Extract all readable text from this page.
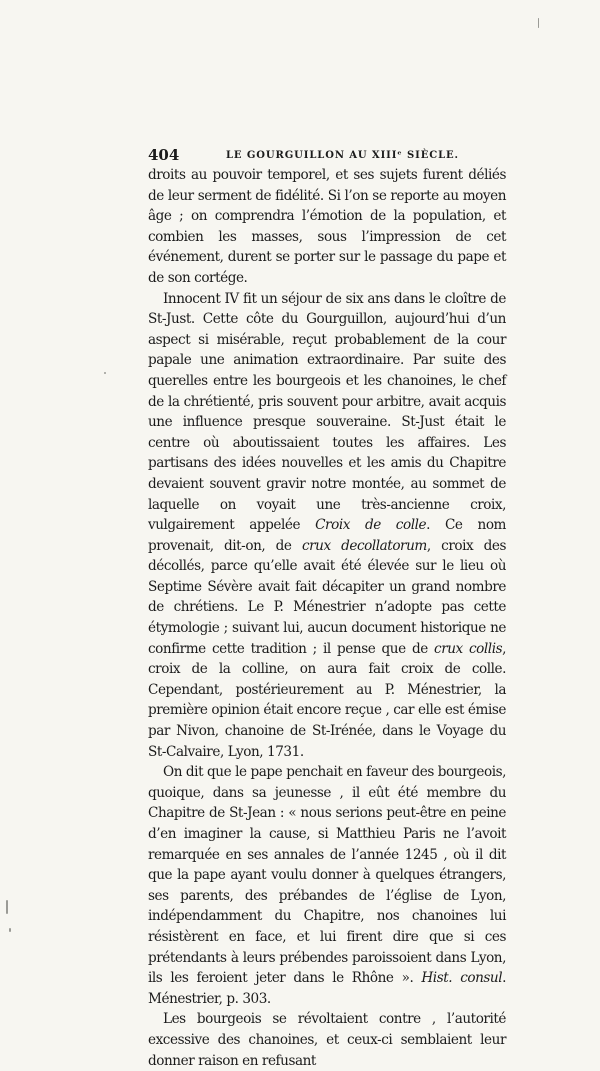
404	LE GOURGUILLON AU XIIIᵉ SIÈCLE.

droits au pouvoir temporel, et ses sujets furent déliés de leur serment de fidélité. Si l’on se reporte au moyen âge ; on comprendra l’émotion de la population, et combien les masses, sous l’impression de cet événement, durent se porter sur le passage du pape et de son cortége.

Innocent IV fit un séjour de six ans dans le cloître de St-Just. Cette côte du Gourguillon, aujourd’hui d’un aspect si misérable, reçut probablement de la cour papale une animation extraordinaire. Par suite des querelles entre les bourgeois et les chanoines, le chef de la chrétienté, pris souvent pour arbitre, avait acquis une influence presque souveraine. St-Just était le centre où aboutissaient toutes les affaires. Les partisans des idées nouvelles et les amis du Chapitre devaient souvent gravir notre montée, au sommet de laquelle on voyait une très-ancienne croix, vulgairement appelée Croix de colle. Ce nom provenait, dit-on, de crux decollatorum, croix des décollés, parce qu’elle avait été élevée sur le lieu où Septime Sévère avait fait décapiter un grand nombre de chrétiens. Le P. Ménestrier n’adopte pas cette étymologie ; suivant lui, aucun document historique ne confirme cette tradition ; il pense que de crux collis, croix de la colline, on aura fait croix de colle. Cependant, postérieurement au P. Ménestrier, la première opinion était encore reçue , car elle est émise par Nivon, chanoine de St-Irénée, dans le Voyage du St-Calvaire, Lyon, 1731.

On dit que le pape penchait en faveur des bourgeois, quoique, dans sa jeunesse , il eût été membre du Chapitre de St-Jean : « nous serions peut-être en peine d’en imaginer la cause, si Matthieu Paris ne l’avoit remarquée en ses annales de l’année 1245 , où il dit que la pape ayant voulu donner à quelques étrangers, ses parents, des prébandes de l’église de Lyon, indépendamment du Chapitre, nos chanoines lui résistèrent en face, et lui firent dire que si ces prétendants à leurs prébendes paroissoient dans Lyon, ils les feroient jeter dans le Rhône ». Hist. consul. Ménestrier, p. 303.

Les bourgeois se révoltaient contre , l’autorité excessive des chanoines, et ceux-ci semblaient leur donner raison en refusant
